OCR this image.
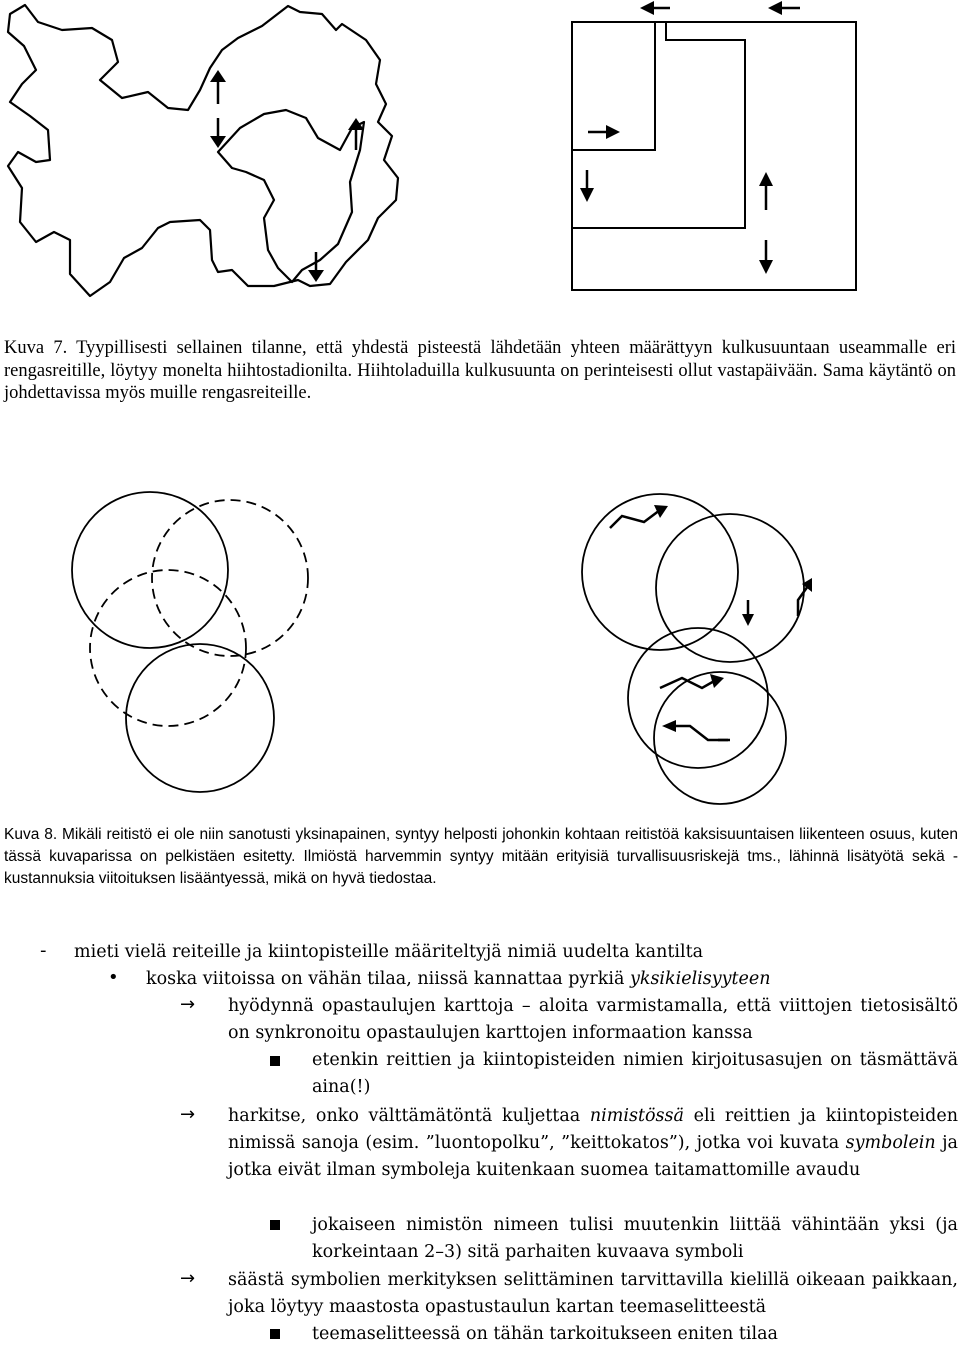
Kuva 7. Tyypillisesti sellainen tilanne, että yhdestä pisteestä lähdetään yhteen määrättyyn kulkusuuntaan useammalle eri rengasreitille, löytyy monelta hiihtostadionilta. Hiihtoladuilla kulkusuunta on perinteisesti ollut vastapäivään. Sama käytäntö on johdettavissa myös muille rengasreiteille.
Kuva 8. Mikäli reitistö ei ole niin sanotusti yksinapainen, syntyy helposti johonkin kohtaan reitistöä kaksisuuntaisen liikenteen osuus, kuten tässä kuvaparissa on pelkistäen esitetty. Ilmiöstä harvemmin syntyy mitään erityisiä turvallisuusriskejä tms., lähinnä lisätyötä sekä -kustannuksia viitoituksen lisääntyessä, mikä on hyvä tiedostaa.
- mieti vielä reiteille ja kiintopisteille määriteltyjä nimiä uudelta kantilta
• koska viitoissa on vähän tilaa, niissä kannattaa pyrkiä yksikielisyyteen
→ hyödynnä opastaulujen karttoja – aloita varmistamalla, että viittojen tietosisältö on synkronoitu opastaulujen karttojen informaation kanssa
etenkin reittien ja kiintopisteiden nimien kirjoitusasujen on täsmättävä aina(!)
→ harkitse, onko välttämätöntä kuljettaa nimistössä eli reittien ja kiintopisteiden nimissä sanoja (esim. ”luontopolku”, ”keittokatos”), jotka voi kuvata symbolein ja jotka eivät ilman symboleja kuitenkaan suomea taitamattomille avaudu
jokaiseen nimistön nimeen tulisi muutenkin liittää vähintään yksi (ja korkeintaan 2–3) sitä parhaiten kuvaava symboli
→ säästä symbolien merkityksen selittäminen tarvittavilla kielillä oikeaan paikkaan, joka löytyy maastosta opastustaulun kartan teemaselitteestä
teemaselitteessä on tähän tarkoitukseen eniten tilaa
